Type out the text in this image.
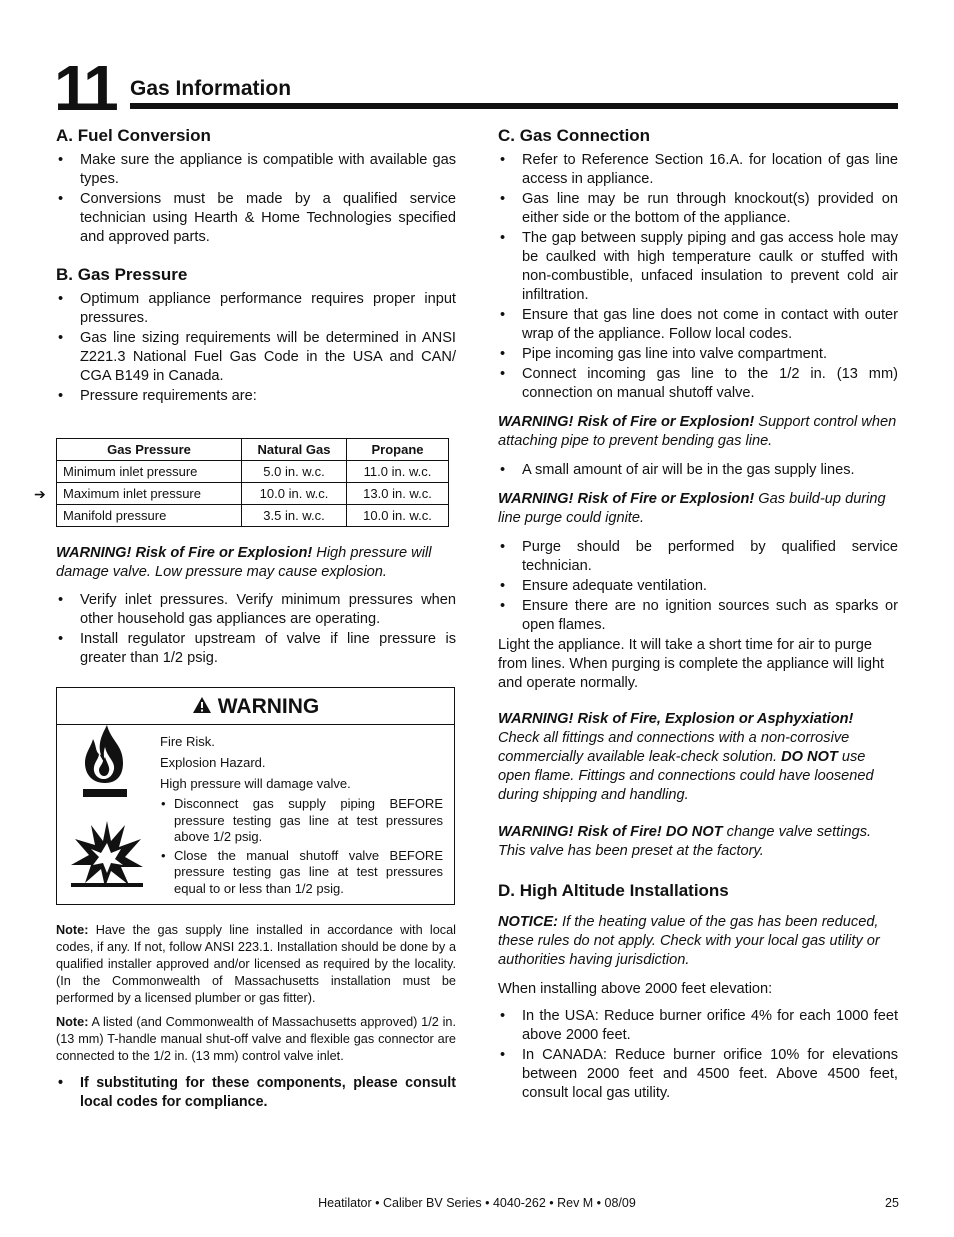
11 Gas Information
A. Fuel Conversion
• Make sure the appliance is compatible with available gas types.
• Conversions must be made by a qualified service technician using Hearth & Home Technologies specified and approved parts.
B. Gas Pressure
• Optimum appliance performance requires proper input pressures.
• Gas line sizing requirements will be determined in ANSI Z221.3 National Fuel Gas Code in the USA and CAN/ CGA B149 in Canada.
• Pressure requirements are:
➔
Gas Pressure	Natural Gas	Propane
Minimum inlet pressure	5.0 in. w.c.	11.0 in. w.c.
Maximum inlet pressure	10.0 in. w.c.	13.0 in. w.c.
Manifold pressure	3.5 in. w.c.	10.0 in. w.c.

WARNING! Risk of Fire or Explosion! High pressure will damage valve. Low pressure may cause explosion.

• Verify inlet pressures. Verify minimum pressures when other household gas appliances are operating.
• Install regulator upstream of valve if line pressure is greater than 1/2 psig.
WARNING
Fire Risk.
Explosion Hazard.
High pressure will damage valve.
• Disconnect gas supply piping BEFORE pressure testing gas line at test pressures above 1/2 psig.
• Close the manual shutoff valve BEFORE pressure testing gas line at test pressures equal to or less than 1/2 psig.

Note: Have the gas supply line installed in accordance with local codes, if any. If not, follow ANSI 223.1. Installation should be done by a qualified installer approved and/or licensed as required by the locality. (In the Commonwealth of Massachusetts installation must be performed by a licensed plumber or gas fitter).

Note: A listed (and Commonwealth of Massachusetts approved) 1/2 in. (13 mm) T-handle manual shut-off valve and flexible gas connector are connected to the 1/2 in. (13 mm) control valve inlet.

• If substituting for these components, please consult local codes for compliance.
C. Gas Connection
• Refer to Reference Section 16.A. for location of gas line access in appliance.
• Gas line may be run through knockout(s) provided on either side or the bottom of the appliance.
• The gap between supply piping and gas access hole may be caulked with high temperature caulk or stuffed with non-combustible, unfaced insulation to prevent cold air infiltration.
• Ensure that gas line does not come in contact with outer wrap of the appliance. Follow local codes.
• Pipe incoming gas line into valve compartment.
• Connect incoming gas line to the 1/2 in. (13 mm) connection on manual shutoff valve.

WARNING! Risk of Fire or Explosion! Support control when attaching pipe to prevent bending gas line.

• A small amount of air will be in the gas supply lines.

WARNING! Risk of Fire or Explosion! Gas build-up during line purge could ignite.

• Purge should be performed by qualified service technician.
• Ensure adequate ventilation.
• Ensure there are no ignition sources such as sparks or open flames.

Light the appliance. It will take a short time for air to purge from lines. When purging is complete the appliance will light and operate normally.

WARNING! Risk of Fire, Explosion or Asphyxiation! Check all fittings and connections with a non-corrosive commercially available leak-check solution. DO NOT use open flame. Fittings and connections could have loosened during shipping and handling.

WARNING! Risk of Fire! DO NOT change valve settings. This valve has been preset at the factory.

D. High Altitude Installations

NOTICE: If the heating value of the gas has been reduced, these rules do not apply. Check with your local gas utility or authorities having jurisdiction.

When installing above 2000 feet elevation:

• In the USA: Reduce burner orifice 4% for each 1000 feet above 2000 feet.
• In CANADA: Reduce burner orifice 10% for elevations between 2000 feet and 4500 feet. Above 4500 feet, consult local gas utility.
Heatilator • Caliber BV Series • 4040-262 • Rev M • 08/09	25
